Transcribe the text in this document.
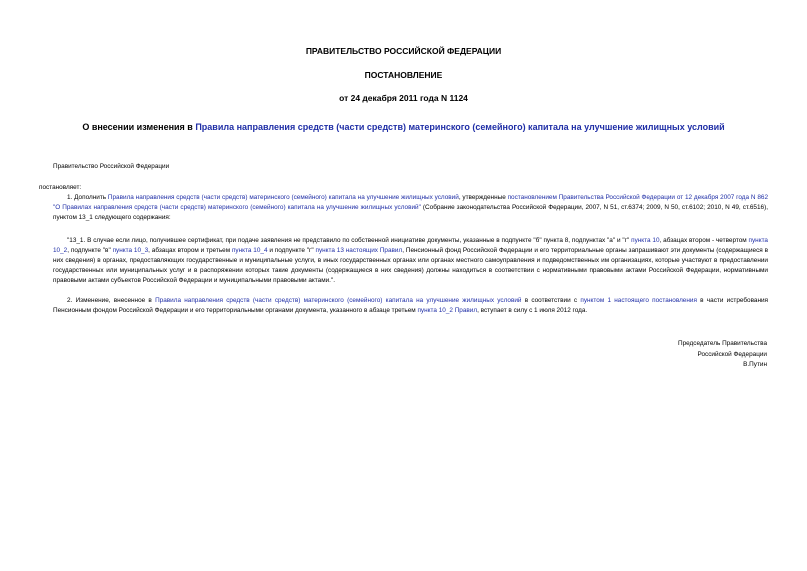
ПРАВИТЕЛЬСТВО РОССИЙСКОЙ ФЕДЕРАЦИИ
ПОСТАНОВЛЕНИЕ
от 24 декабря 2011 года N 1124
О внесении изменения в Правила направления средств (части средств) материнского (семейного) капитала на улучшение жилищных условий
Правительство Российской Федерации
постановляет:
1. Дополнить Правила направления средств (части средств) материнского (семейного) капитала на улучшение жилищных условий, утвержденные постановлением Правительства Российской Федерации от 12 декабря 2007 года N 862 "О Правилах направления средств (части средств) материнского (семейного) капитала на улучшение жилищных условий" (Собрание законодательства Российской Федерации, 2007, N 51, ст.6374; 2009, N 50, ст.6102; 2010, N 49, ст.6516), пунктом 13_1 следующего содержания:
"13_1. В случае если лицо, получившее сертификат, при подаче заявления не представило по собственной инициативе документы, указанные в подпункте "б" пункта 8, подпунктах "а" и "г" пункта 10, абзацах втором - четвертом пункта 10_2, подпункте "в" пункта 10_3, абзацах втором и третьем пункта 10_4 и подпункте "г" пункта 13 настоящих Правил, Пенсионный фонд Российской Федерации и его территориальные органы запрашивают эти документы (содержащиеся в них сведения) в органах, предоставляющих государственные и муниципальные услуги, в иных государственных органах или органах местного самоуправления и подведомственных им организациях, которые участвуют в предоставлении государственных или муниципальных услуг и в распоряжении которых такие документы (содержащиеся в них сведения) должны находиться в соответствии с нормативными правовыми актами Российской Федерации, нормативными правовыми актами субъектов Российской Федерации и муниципальными правовыми актами.".
2. Изменение, внесенное в Правила направления средств (части средств) материнского (семейного) капитала на улучшение жилищных условий в соответствии с пунктом 1 настоящего постановления в части истребования Пенсионным фондом Российской Федерации и его территориальными органами документа, указанного в абзаце третьем пункта 10_2 Правил, вступает в силу с 1 июля 2012 года.
Председатель Правительства
Российской Федерации
В.Путин
